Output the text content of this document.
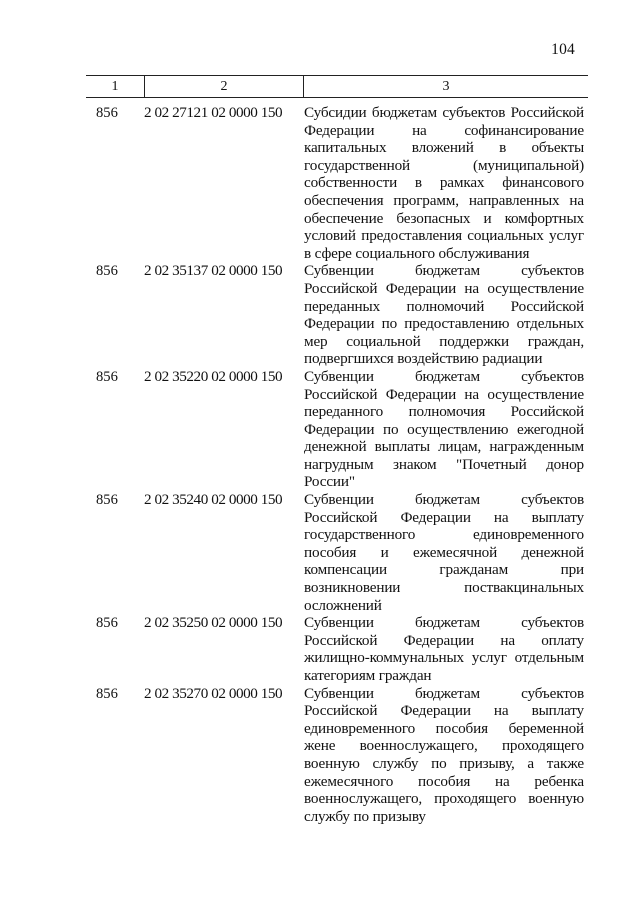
104
1	2	3
856	2 02 27121 02 0000 150 Субсидии бюджетам субъектов Российской Федерации на софинансирование капитальных вложений в объекты государственной (муниципальной) собственности в рамках финансового обеспечения программ, направленных на обеспечение безопасных и комфортных условий предоставления социальных услуг в сфере социального обслуживания
856	2 02 35137 02 0000 150 Субвенции бюджетам субъектов Российской Федерации на осуществление переданных полномочий Российской Федерации по предоставлению отдельных мер социальной поддержки граждан, подвергшихся воздействию радиации
856	2 02 35220 02 0000 150 Субвенции бюджетам субъектов Российской Федерации на осуществление переданного полномочия Российской Федерации по осуществлению ежегодной денежной выплаты лицам, награжденным нагрудным знаком "Почетный донор России"
856	2 02 35240 02 0000 150 Субвенции бюджетам субъектов Российской Федерации на выплату государственного единовременного пособия и ежемесячной денежной компенсации гражданам при возникновении поствакцинальных осложнений
856	2 02 35250 02 0000 150 Субвенции бюджетам субъектов Российской Федерации на оплату жилищно-коммунальных услуг отдельным категориям граждан
856	2 02 35270 02 0000 150 Субвенции бюджетам субъектов Российской Федерации на выплату единовременного пособия беременной жене военнослужащего, проходящего военную службу по призыву, а также ежемесячного пособия на ребенка военнослужащего, проходящего военную службу по призыву
